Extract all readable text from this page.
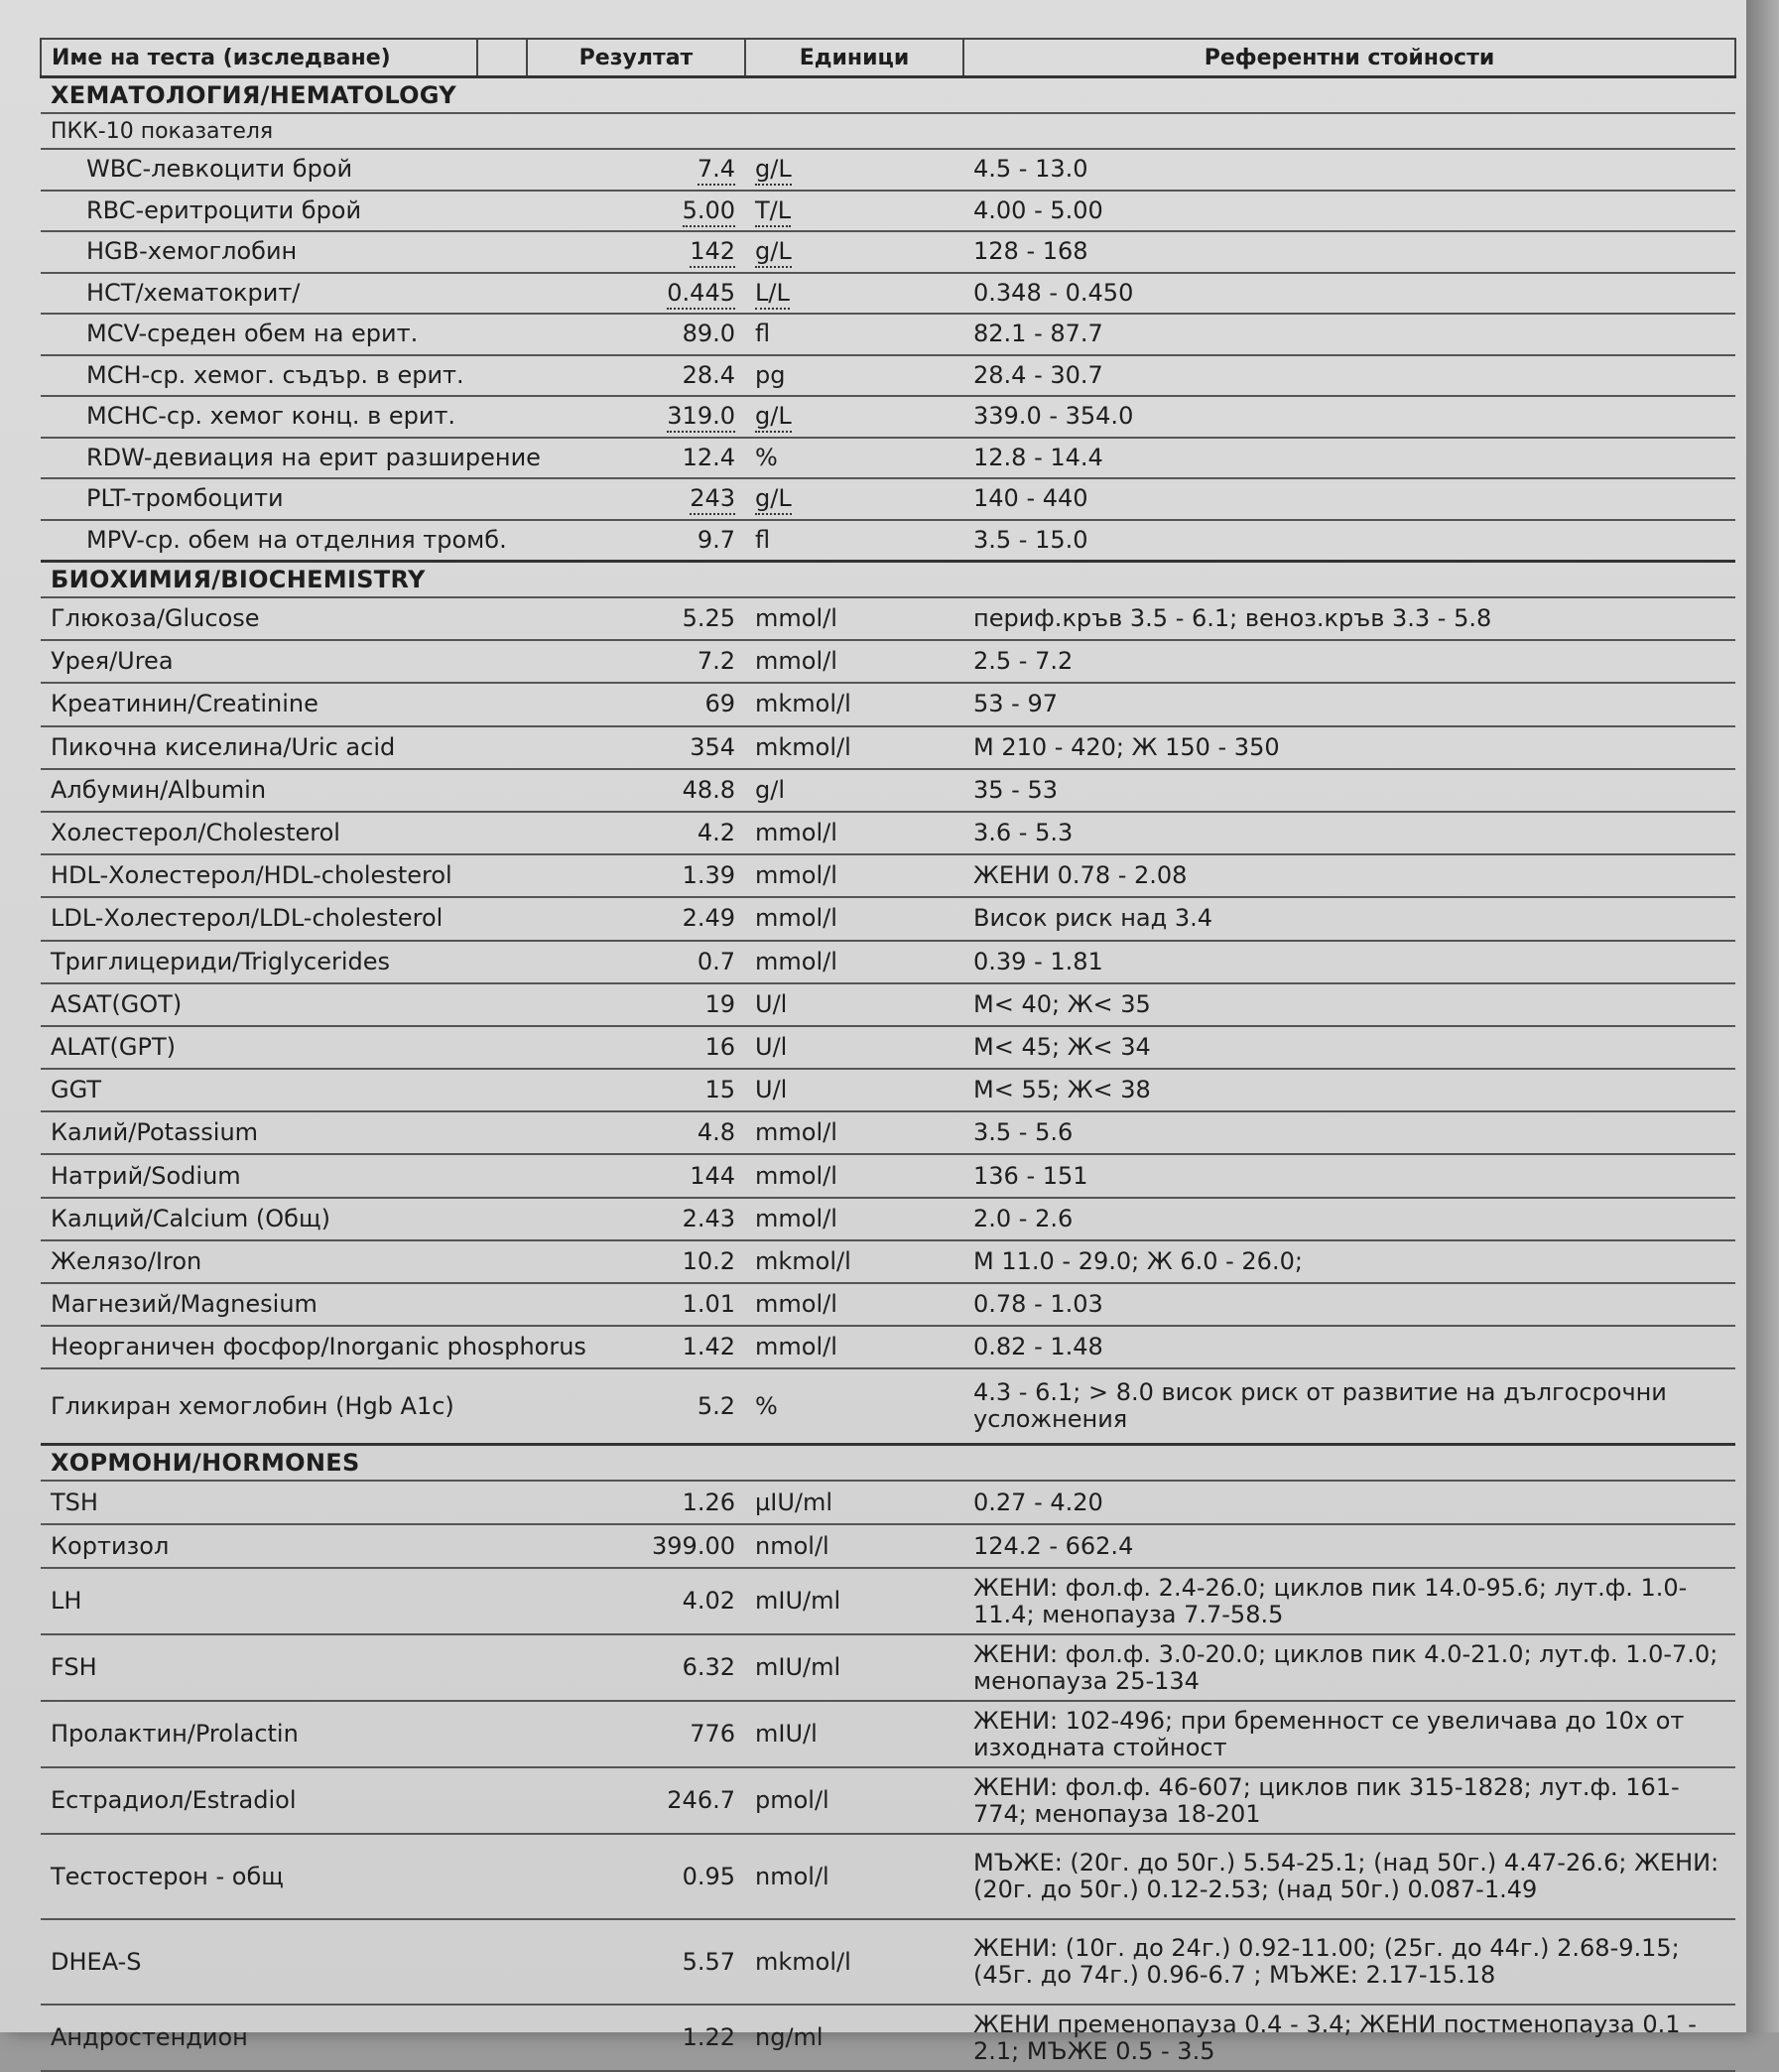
Име на теста (изследване)		Резултат	Единици	Референтни стойности
ХЕМАТОЛОГИЯ/HEMATOLOGY				
ПКК-10 показателя				
WBC-левкоцити брой		7.4	g/L	4.5 - 13.0
RBC-еритроцити брой		5.00	T/L	4.00 - 5.00
HGB-хемоглобин		142	g/L	128 - 168
HCT/хематокрит/		0.445	L/L	0.348 - 0.450
MCV-среден обем на ерит.		89.0	fl	82.1 - 87.7
MCH-ср. хемог. съдър. в ерит.		28.4	pg	28.4 - 30.7
MCHC-ср. хемог конц. в ерит.		319.0	g/L	339.0 - 354.0
RDW-девиация на ерит разширение		12.4	%	12.8 - 14.4
PLT-тромбоцити		243	g/L	140 - 440
MPV-ср. обем на отделния тромб.		9.7	fl	3.5 - 15.0
БИОХИМИЯ/BIOCHEMISTRY				
Глюкоза/Glucose		5.25	mmol/l	периф.кръв 3.5 - 6.1; веноз.кръв 3.3 - 5.8
Урея/Urea		7.2	mmol/l	2.5 - 7.2
Креатинин/Creatinine		69	mkmol/l	53 - 97
Пикочна киселина/Uric acid		354	mkmol/l	М 210 - 420; Ж 150 - 350
Албумин/Albumin		48.8	g/l	35 - 53
Холестерол/Cholesterol		4.2	mmol/l	3.6 - 5.3
HDL-Холестерол/HDL-cholesterol		1.39	mmol/l	ЖЕНИ 0.78 - 2.08
LDL-Холестерол/LDL-cholesterol		2.49	mmol/l	Висок риск над 3.4
Триглицериди/Triglycerides		0.7	mmol/l	0.39 - 1.81
ASAT(GOT)		19	U/l	М< 40; Ж< 35
ALAT(GPT)		16	U/l	М< 45; Ж< 34
GGT		15	U/l	М< 55; Ж< 38
Калий/Potassium		4.8	mmol/l	3.5 - 5.6
Натрий/Sodium		144	mmol/l	136 - 151
Калций/Calcium (Общ)		2.43	mmol/l	2.0 - 2.6
Желязо/Iron		10.2	mkmol/l	М 11.0 - 29.0; Ж 6.0 - 26.0;
Магнезий/Magnesium		1.01	mmol/l	0.78 - 1.03
Неорганичен фосфор/Inorganic phosphorus		1.42	mmol/l	0.82 - 1.48
Гликиран хемоглобин (Hgb A1c)		5.2	%	4.3 - 6.1; > 8.0 висок риск от развитие на дългосрочни усложнения
ХОРМОНИ/HORMONES				
TSH		1.26	µIU/ml	0.27 - 4.20
Кортизол		399.00	nmol/l	124.2 - 662.4
LH		4.02	mIU/ml	ЖЕНИ: фол.ф. 2.4-26.0; циклов пик 14.0-95.6; лут.ф. 1.0-11.4; менопауза 7.7-58.5
FSH		6.32	mIU/ml	ЖЕНИ: фол.ф. 3.0-20.0; циклов пик 4.0-21.0; лут.ф. 1.0-7.0; менопауза 25-134
Пролактин/Prolactin		776	mIU/l	ЖЕНИ: 102-496; при бременност се увеличава до 10х от изходната стойност
Естрадиол/Estradiol		246.7	pmol/l	ЖЕНИ: фол.ф. 46-607; циклов пик 315-1828; лут.ф. 161-774; менопауза 18-201
Тестостерон - общ		0.95	nmol/l	МЪЖЕ: (20г. до 50г.) 5.54-25.1; (над 50г.) 4.47-26.6; ЖЕНИ: (20г. до 50г.) 0.12-2.53; (над 50г.) 0.087-1.49
DHEA-S		5.57	mkmol/l	ЖЕНИ: (10г. до 24г.) 0.92-11.00; (25г. до 44г.) 2.68-9.15; (45г. до 74г.) 0.96-6.7 ; МЪЖЕ: 2.17-15.18
Андростендион		1.22	ng/ml	ЖЕНИ пременопауза 0.4 - 3.4; ЖЕНИ постменопауза 0.1 - 2.1; МЪЖЕ 0.5 - 3.5
